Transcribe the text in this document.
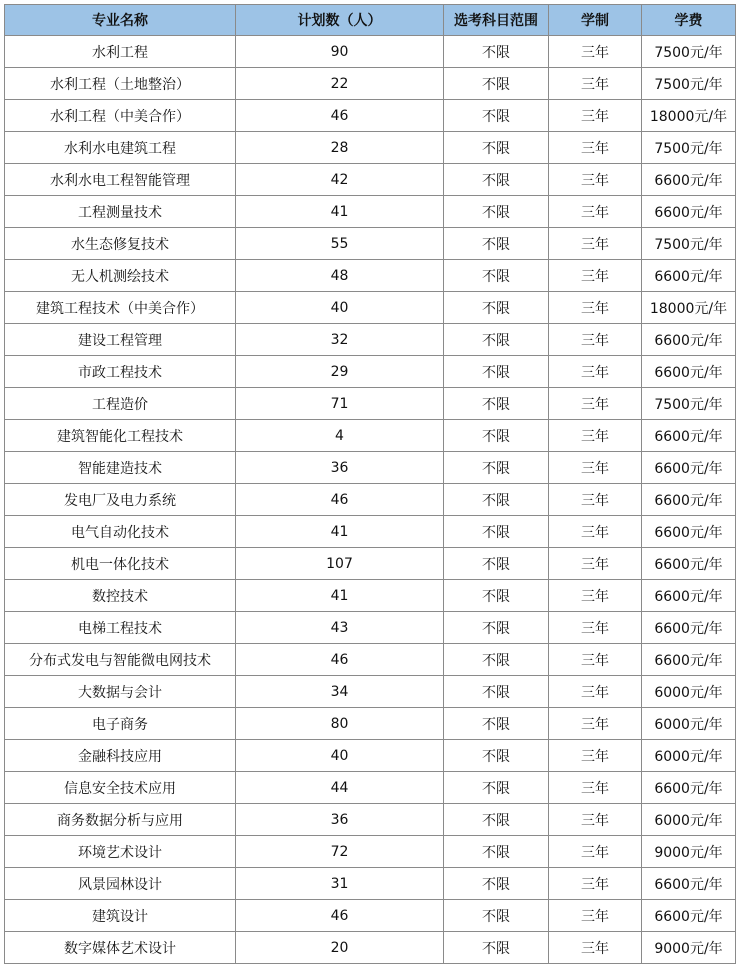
专业名称	计划数（人）	选考科目范围	学制	学费
水利工程	90	不限	三年	7500元/年
水利工程（土地整治）	22	不限	三年	7500元/年
水利工程（中美合作）	46	不限	三年	18000元/年
水利水电建筑工程	28	不限	三年	7500元/年
水利水电工程智能管理	42	不限	三年	6600元/年
工程测量技术	41	不限	三年	6600元/年
水生态修复技术	55	不限	三年	7500元/年
无人机测绘技术	48	不限	三年	6600元/年
建筑工程技术（中美合作）	40	不限	三年	18000元/年
建设工程管理	32	不限	三年	6600元/年
市政工程技术	29	不限	三年	6600元/年
工程造价	71	不限	三年	7500元/年
建筑智能化工程技术	4	不限	三年	6600元/年
智能建造技术	36	不限	三年	6600元/年
发电厂及电力系统	46	不限	三年	6600元/年
电气自动化技术	41	不限	三年	6600元/年
机电一体化技术	107	不限	三年	6600元/年
数控技术	41	不限	三年	6600元/年
电梯工程技术	43	不限	三年	6600元/年
分布式发电与智能微电网技术	46	不限	三年	6600元/年
大数据与会计	34	不限	三年	6000元/年
电子商务	80	不限	三年	6000元/年
金融科技应用	40	不限	三年	6000元/年
信息安全技术应用	44	不限	三年	6600元/年
商务数据分析与应用	36	不限	三年	6000元/年
环境艺术设计	72	不限	三年	9000元/年
风景园林设计	31	不限	三年	6600元/年
建筑设计	46	不限	三年	6600元/年
数字媒体艺术设计	20	不限	三年	9000元/年
